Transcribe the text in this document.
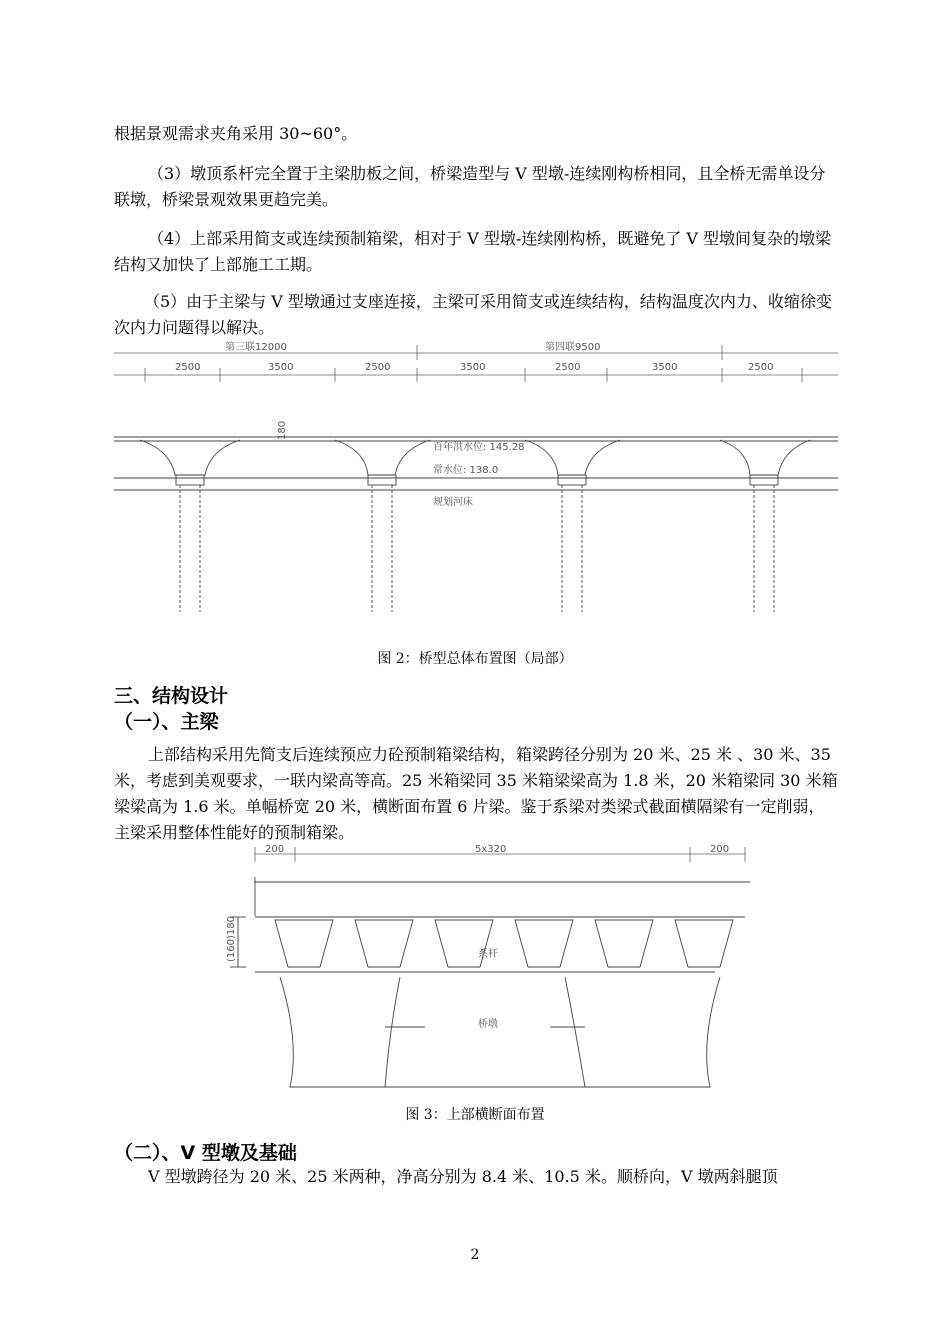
根据景观需求夹角采用 30~60°。

（3）墩顶系杆完全置于主梁肋板之间，桥梁造型与 V 型墩-连续刚构桥相同，且全桥无需单设分联墩，桥梁景观效果更趋完美。

（4）上部采用简支或连续预制箱梁，相对于 V 型墩-连续刚构桥，既避免了 V 型墩间复杂的墩梁结构又加快了上部施工工期。

（5）由于主梁与 V 型墩通过支座连接，主梁可采用简支或连续结构，结构温度次内力、收缩徐变次内力问题得以解决。

第三联12000	第四联9500
2500	3500	2500	3500	2500	3500	2500
180
百年洪水位: 145.28
常水位: 138.0
规划河床

图 2：桥型总体布置图（局部）

三、结构设计
（一）、主梁

上部结构采用先简支后连续预应力砼预制箱梁结构，箱梁跨径分别为 20 米、25 米 、30 米、35 米，考虑到美观要求，一联内梁高等高。25 米箱梁同 35 米箱梁梁高为 1.8 米，20 米箱梁同 30 米箱梁梁高为 1.6 米。单幅桥宽 20 米，横断面布置 6 片梁。鉴于系梁对类梁式截面横隔梁有一定削弱，主梁采用整体性能好的预制箱梁。

200	5x320	200
(160)180	系杆
桥墩

图 3：上部横断面布置

（二）、V 型墩及基础

V 型墩跨径为 20 米、25 米两种，净高分别为 8.4 米、10.5 米。顺桥向，V 墩两斜腿顶

2
